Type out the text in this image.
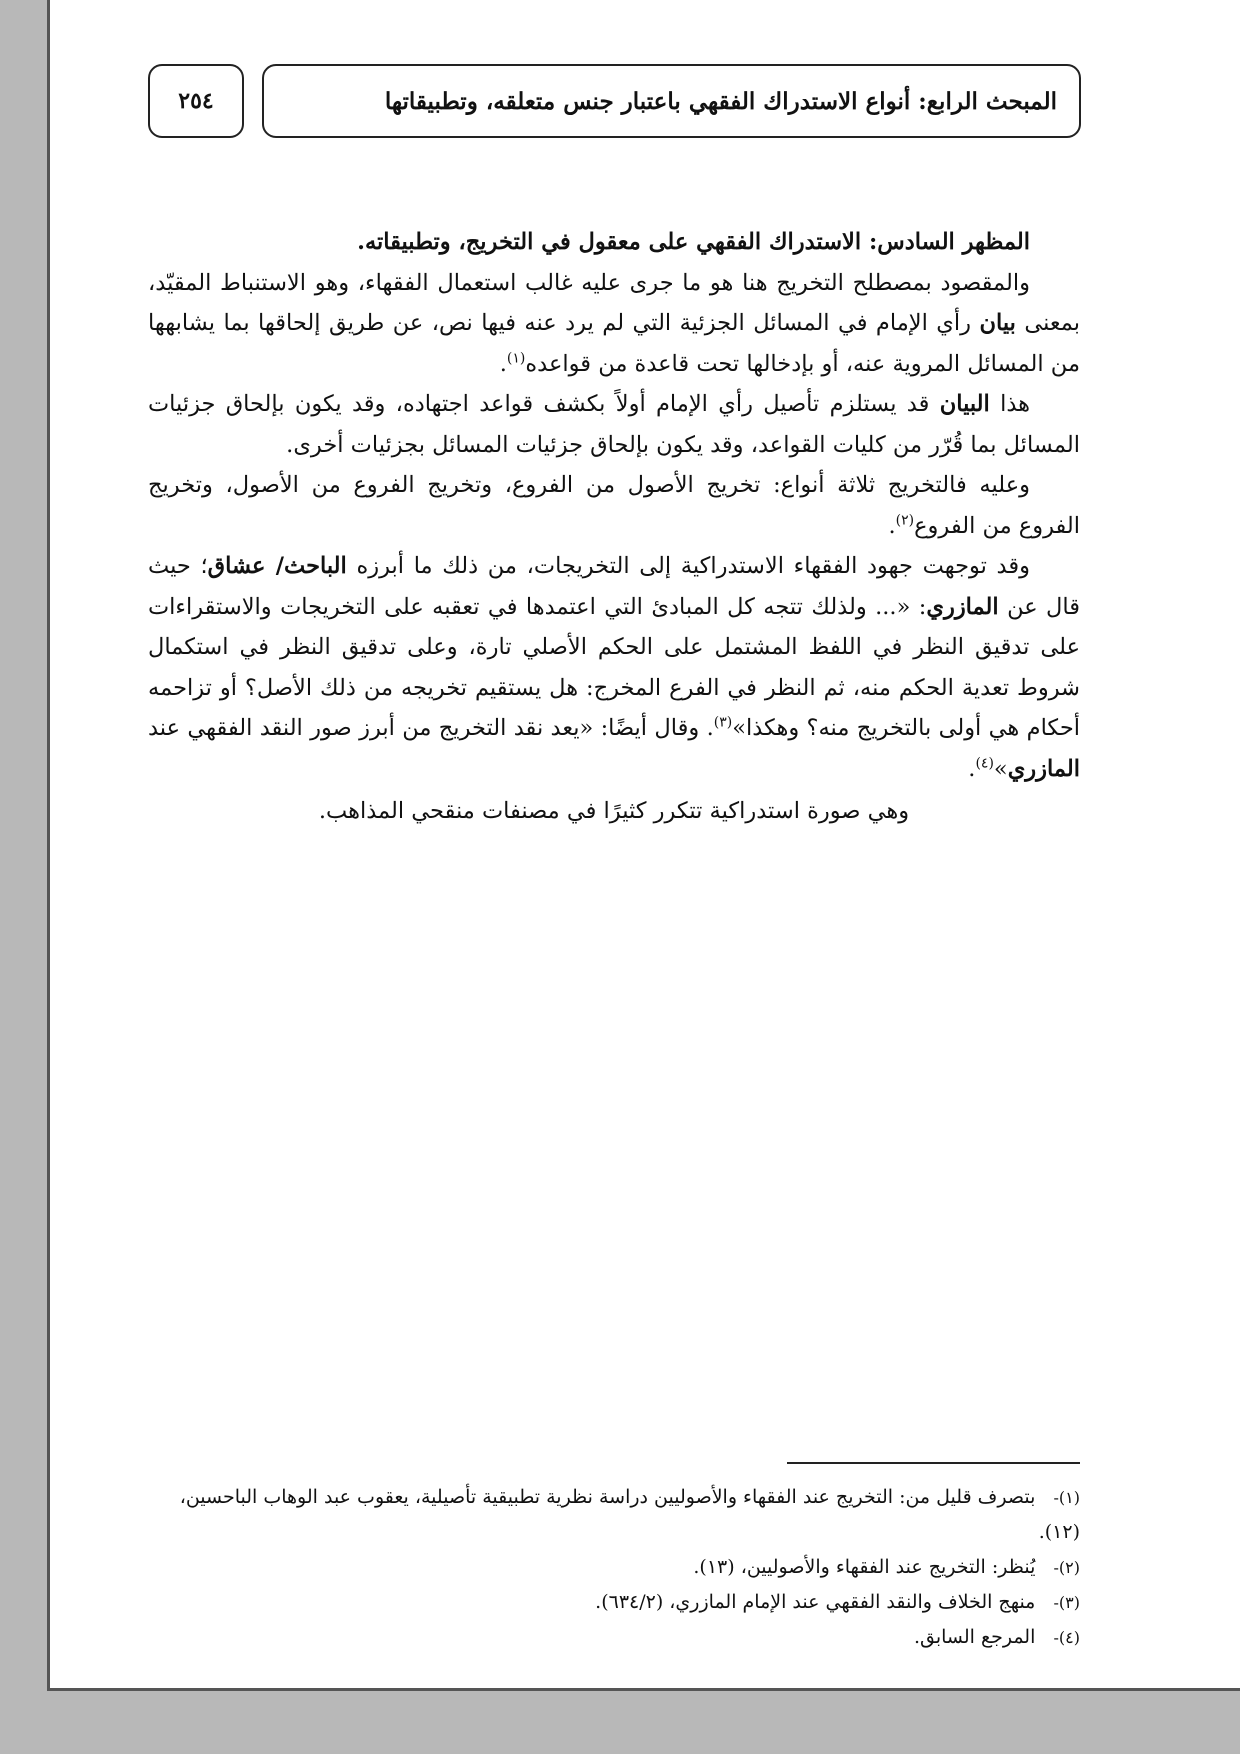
المبحث الرابع: أنواع الاستدراك الفقهي باعتبار جنس متعلقه، وتطبيقاتها
٢٥٤

المظهر السادس: الاستدراك الفقهي على معقول في التخريج، وتطبيقاته.

والمقصود بمصطلح التخريج هنا هو ما جرى عليه غالب استعمال الفقهاء، وهو الاستنباط المقيّد، بمعنى بيان رأي الإمام في المسائل الجزئية التي لم يرد عنه فيها نص، عن طريق إلحاقها بما يشابهها من المسائل المروية عنه، أو بإدخالها تحت قاعدة من قواعده$^{(١)}$.

هذا البيان قد يستلزم تأصيل رأي الإمام أولاً بكشف قواعد اجتهاده، وقد يكون بإلحاق جزئيات المسائل بما قُرّر من كليات القواعد، وقد يكون بإلحاق جزئيات المسائل بجزئيات أخرى.

وعليه فالتخريج ثلاثة أنواع: تخريج الأصول من الفروع، وتخريج الفروع من الأصول، وتخريج الفروع من الفروع$^{(٢)}$.

وقد توجهت جهود الفقهاء الاستدراكية إلى التخريجات، من ذلك ما أبرزه الباحث/ عشاق؛ حيث قال عن المازري: «... ولذلك تتجه كل المبادئ التي اعتمدها في تعقبه على التخريجات والاستقراءات على تدقيق النظر في اللفظ المشتمل على الحكم الأصلي تارة، وعلى تدقيق النظر في استكمال شروط تعدية الحكم منه، ثم النظر في الفرع المخرج: هل يستقيم تخريجه من ذلك الأصل؟ أو تزاحمه أحكام هي أولى بالتخريج منه؟ وهكذا»$^{(٣)}$. وقال أيضًا: «يعد نقد التخريج من أبرز صور النقد الفقهي عند المازري»$^{(٤)}$.

وهي صورة استدراكية تتكرر كثيرًا في مصنفات منقحي المذاهب.

(١)-   بتصرف قليل من: التخريج عند الفقهاء والأصوليين دراسة نظرية تطبيقية تأصيلية، يعقوب عبد الوهاب الباحسين، (١٢).

(٢)-   يُنظر: التخريج عند الفقهاء والأصوليين، (١٣).

(٣)-   منهج الخلاف والنقد الفقهي عند الإمام المازري، (٦٣٤/٢).

(٤)-   المرجع السابق.
